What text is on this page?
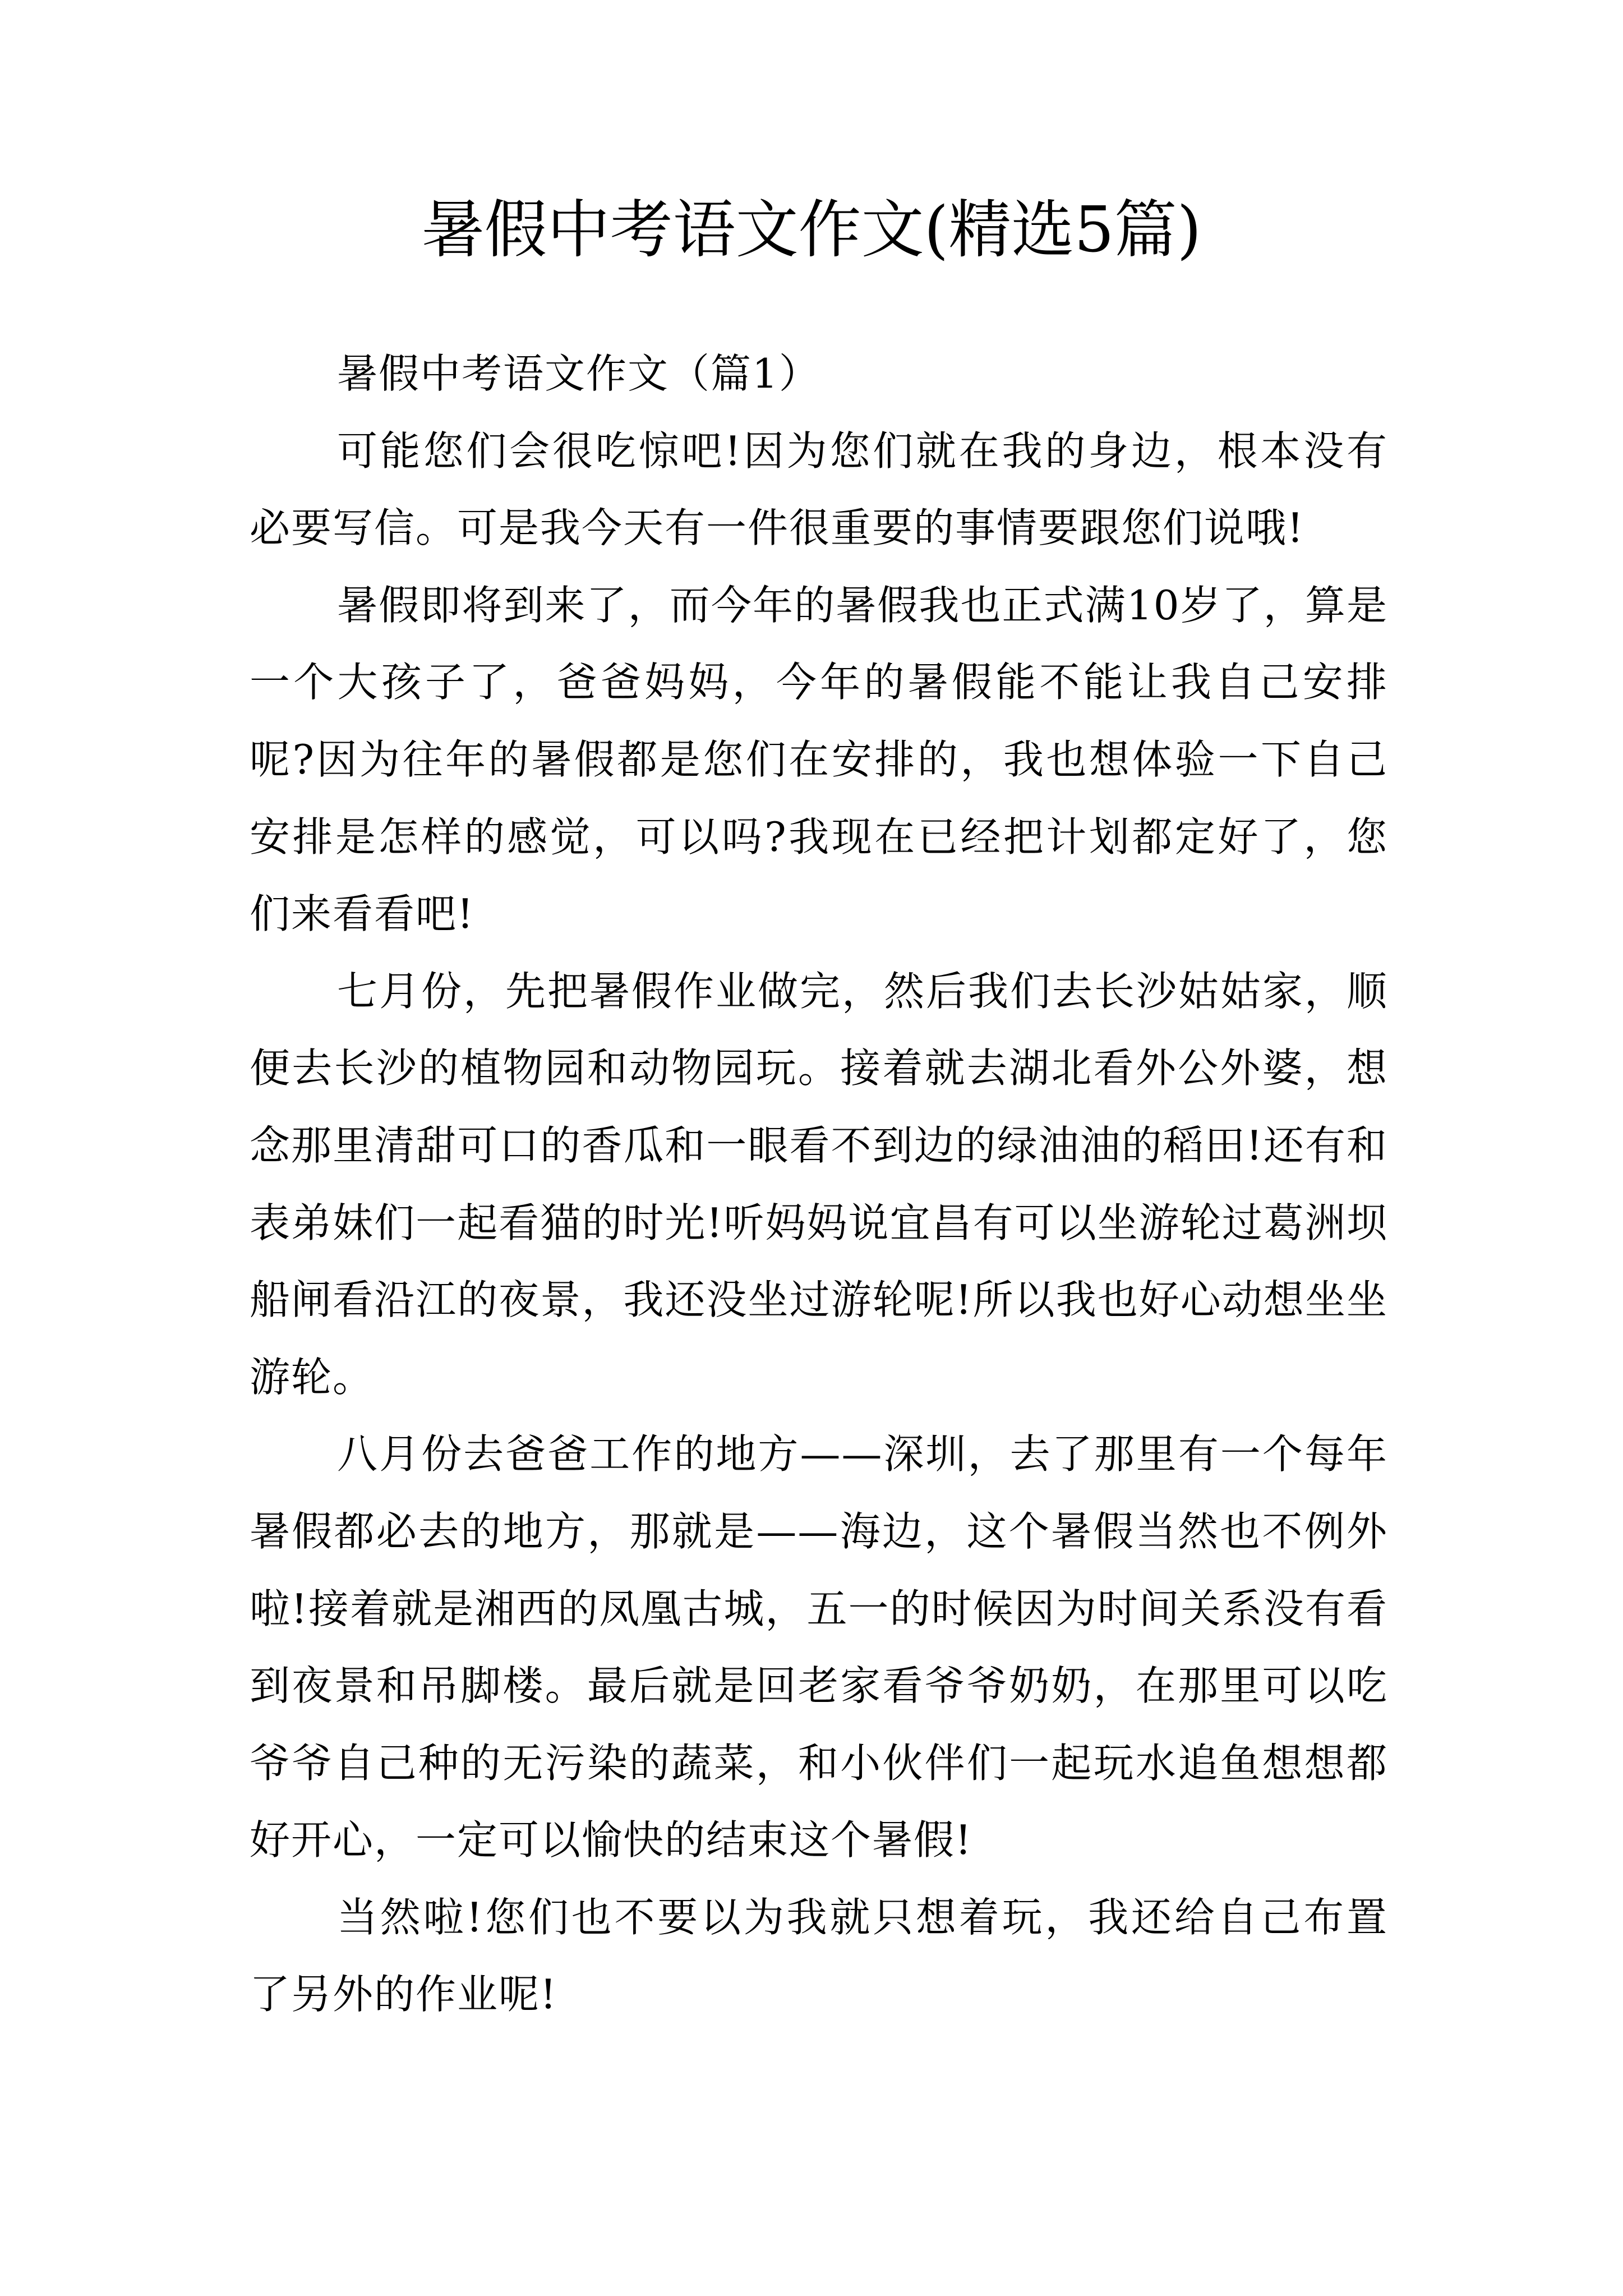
暑假中考语文作文(精选5篇)

暑假中考语文作文（篇1）

可能您们会很吃惊吧!因为您们就在我的身边，根本没有必要写信。可是我今天有一件很重要的事情要跟您们说哦!

暑假即将到来了，而今年的暑假我也正式满10岁了，算是一个大孩子了，爸爸妈妈，今年的暑假能不能让我自己安排呢?因为往年的暑假都是您们在安排的，我也想体验一下自己安排是怎样的感觉，可以吗?我现在已经把计划都定好了，您们来看看吧!

七月份，先把暑假作业做完，然后我们去长沙姑姑家，顺便去长沙的植物园和动物园玩。接着就去湖北看外公外婆，想念那里清甜可口的香瓜和一眼看不到边的绿油油的稻田!还有和表弟妹们一起看猫的时光!听妈妈说宜昌有可以坐游轮过葛洲坝船闸看沿江的夜景，我还没坐过游轮呢!所以我也好心动想坐坐游轮。

八月份去爸爸工作的地方——深圳，去了那里有一个每年暑假都必去的地方，那就是——海边，这个暑假当然也不例外啦!接着就是湘西的凤凰古城，五一的时候因为时间关系没有看到夜景和吊脚楼。最后就是回老家看爷爷奶奶，在那里可以吃爷爷自己种的无污染的蔬菜，和小伙伴们一起玩水追鱼想想都好开心，一定可以愉快的结束这个暑假!

当然啦!您们也不要以为我就只想着玩，我还给自己布置了另外的作业呢!
